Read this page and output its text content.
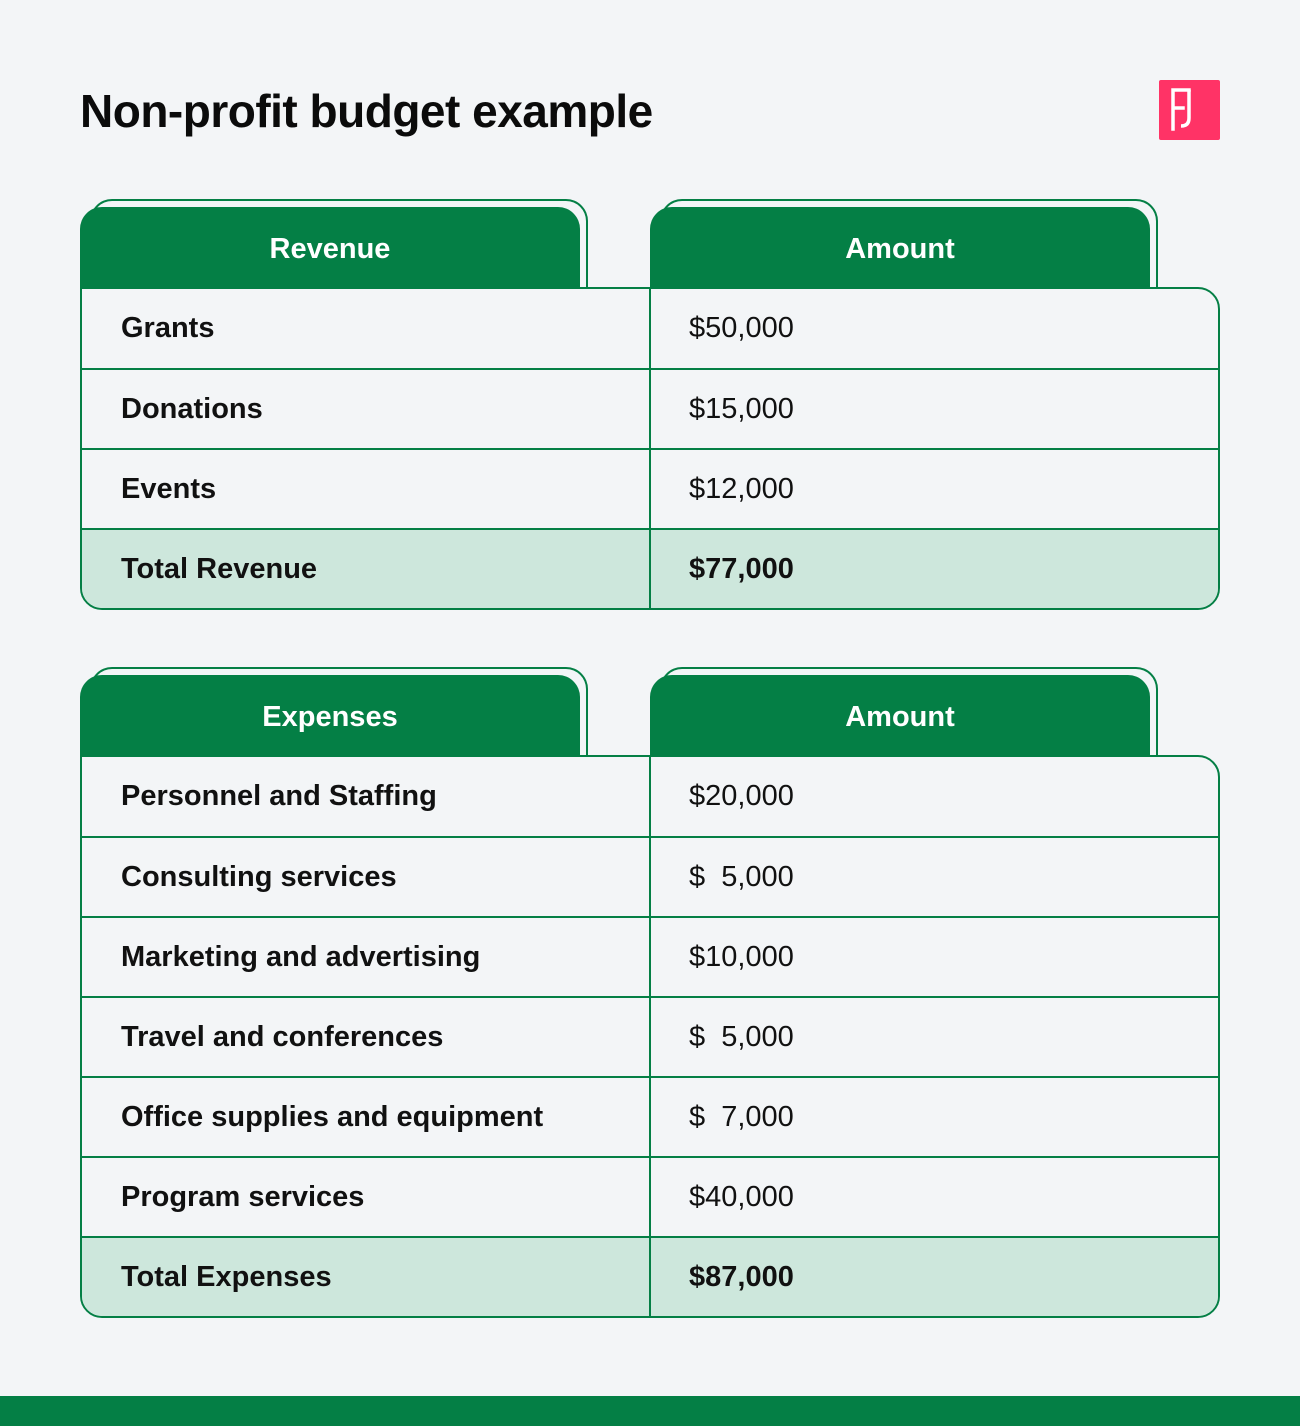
Non-profit budget example
Revenue	Amount
Grants	$50,000
Donations	$15,000
Events	$12,000
Total Revenue	$77,000
Expenses	Amount
Personnel and Staffing	$20,000
Consulting services	$  5,000
Marketing and advertising	$10,000
Travel and conferences	$  5,000
Office supplies and equipment	$  7,000
Program services	$40,000
Total Expenses	$87,000
